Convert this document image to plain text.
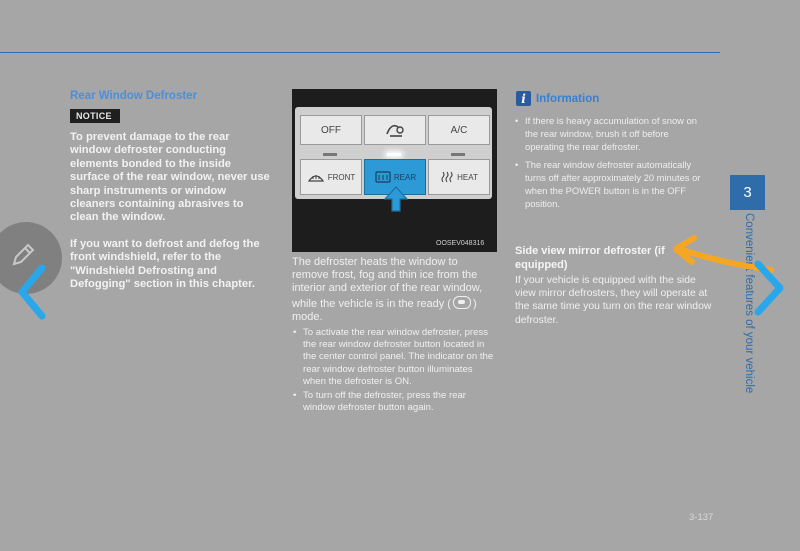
Rear Window Defroster
NOTICE

To prevent damage to the rear window defroster conducting elements bonded to the inside surface of the rear window, never use sharp instruments or window cleaners containing abrasives to clean the window.

If you want to defrost and defog the front windshield, refer to the "Windshield Defrosting and Defogging" section in this chapter.

OFF	A/C
FRONT	REAR	HEAT
OOSEV048316

The defroster heats the window to remove frost, fog and thin ice from the interior and exterior of the rear window, while the vehicle is in the ready ( ) mode.

• To activate the rear window defroster, press the rear window defroster button located in the center control panel. The indicator on the rear window defroster button illuminates when the defroster is ON.
• To turn off the defroster, press the rear window defroster button again.
i Information
• If there is heavy accumulation of snow on the rear window, brush it off before operating the rear defroster.
• The rear window defroster automatically turns off after approximately 20 minutes or when the POWER button is in the OFF position.
Side view mirror defroster (if equipped)
If your vehicle is equipped with the side view mirror defrosters, they will operate at the same time you turn on the rear window defroster.
3
Convenient features of your vehicle
3-137
